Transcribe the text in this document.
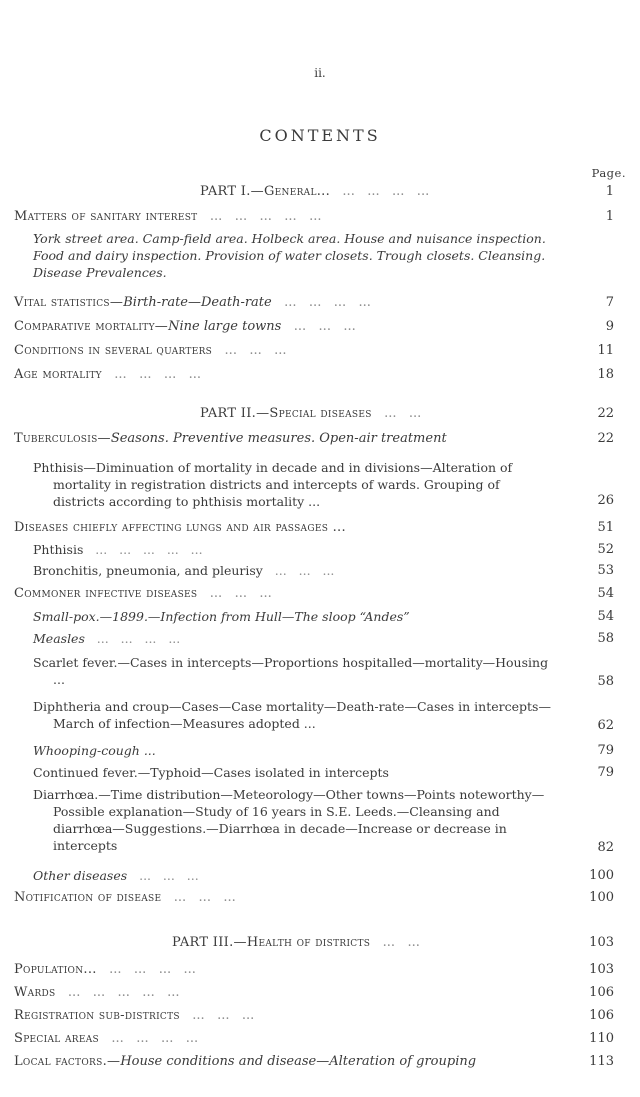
ii.
CONTENTS
Page.
PART I.—General...   ...   ...   ...   ...	1
Matters of sanitary interest   ...   ...   ...   ...   ...	1
York street area. Camp-field area. Holbeck area. House and nuisance inspection. Food and dairy inspection. Provision of water closets. Trough closets. Cleansing. Disease Prevalences.
Vital statistics—Birth-rate—Death-rate   ...   ...   ...   ...	7
Comparative mortality—Nine large towns   ...   ...   ...	9
Conditions in several quarters   ...   ...   ...	11
Age mortality   ...   ...   ...   ...	18
PART II.—Special diseases   ...   ...	22
Tuberculosis—Seasons. Preventive measures. Open-air treatment	22
Phthisis—Diminuation of mortality in decade and in divisions—Alteration of mortality in registration districts and intercepts of wards. Grouping of districts according to phthisis mortality ...	26
Diseases chiefly affecting lungs and air passages ...	51
Phthisis   ...   ...   ...   ...   ...	52
Bronchitis, pneumonia, and pleurisy   ...   ...   ...	53
Commoner infective diseases   ...   ...   ...	54
Small-pox.—1899.—Infection from Hull—The sloop “Andes”	54
Measles   ...   ...   ...   ...	58
Scarlet fever.—Cases in intercepts—Proportions hospitalled—mortality—Housing ...	58
Diphtheria and croup—Cases—Case mortality—Death-rate—Cases in intercepts—March of infection—Measures adopted ...	62
Whooping-cough ...	79
Continued fever.—Typhoid—Cases isolated in intercepts	79
Diarrhœa.—Time distribution—Meteorology—Other towns—Points noteworthy—Possible explanation—Study of 16 years in S.E. Leeds.—Cleansing and diarrhœa—Suggestions.—Diarrhœa in decade—Increase or decrease in intercepts	82
Other diseases   ...   ...   ...	100
Notification of disease   ...   ...   ...	100
PART III.—Health of districts   ...   ...	103
Population...   ...   ...   ...   ...	103
Wards   ...   ...   ...   ...   ...	106
Registration sub-districts   ...   ...   ...	106
Special areas   ...   ...   ...   ...	110
Local factors.—House conditions and disease—Alteration of grouping	113
